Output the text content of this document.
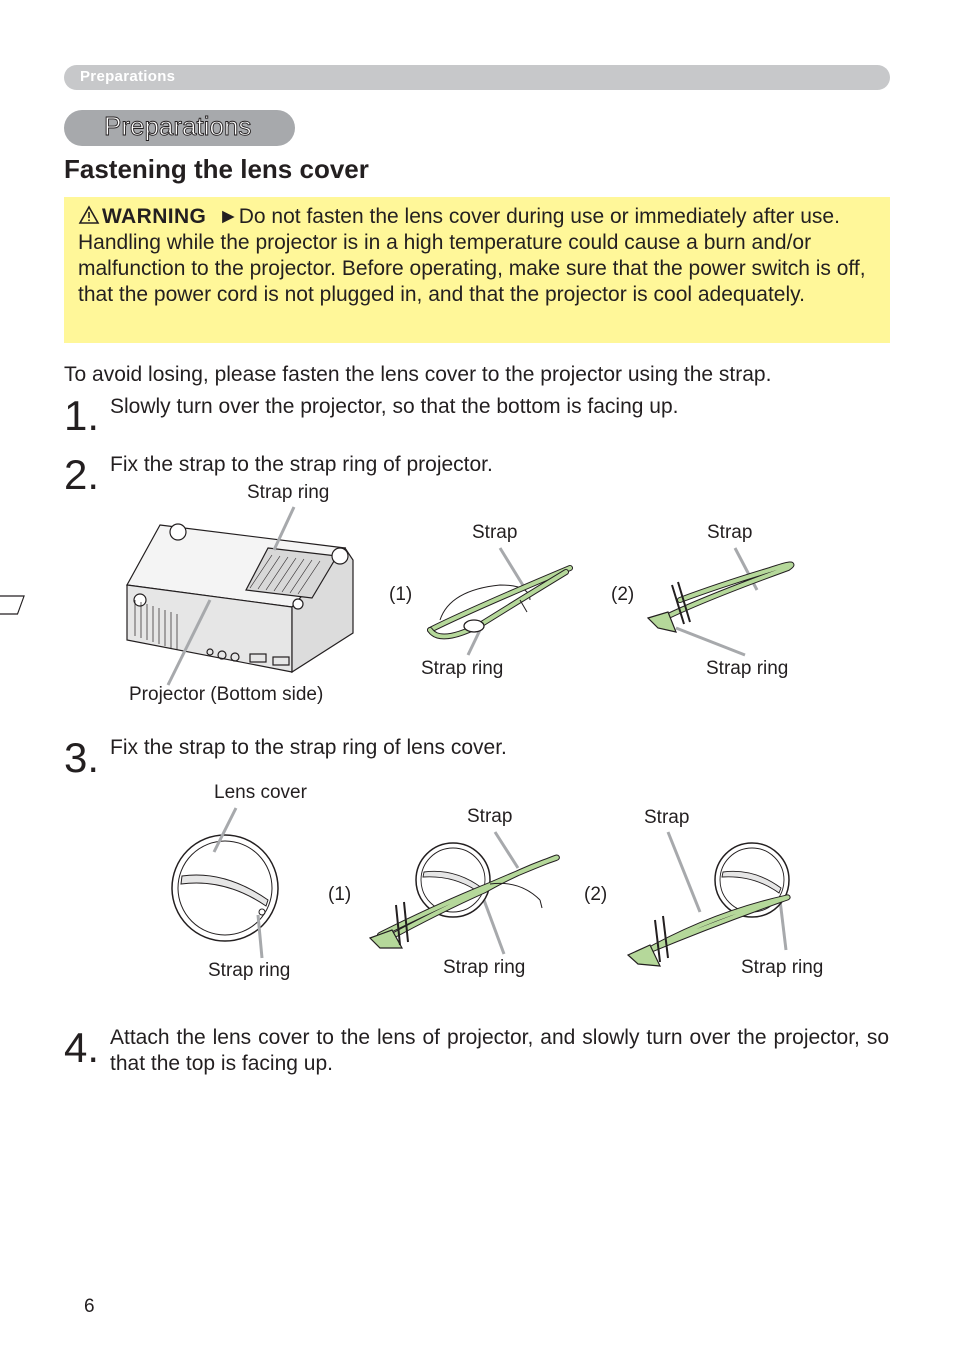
Preparations
Preparations
Fastening the lens cover
WARNING ►Do not fasten the lens cover during use or immediately after use. Handling while the projector is in a high temperature could cause a burn and/or malfunction to the projector. Before operating, make sure that the power switch is off, that the power cord is not plugged in, and that the projector is cool adequately.
To avoid losing, please fasten the lens cover to the projector using the strap.
1. Slowly turn over the projector, so that the bottom is facing up.
2. Fix the strap to the strap ring of projector.
3. Fix the strap to the strap ring of lens cover.
4. Attach the lens cover to the lens of projector, and slowly turn over the projector, so that the top is facing up.
Strap ring
Projector (Bottom side)
(1)	(2)
Strap	Strap
Strap ring	Strap ring
Lens cover
Strap ring
(1)	(2)
Strap	Strap
Strap ring	Strap ring
6
